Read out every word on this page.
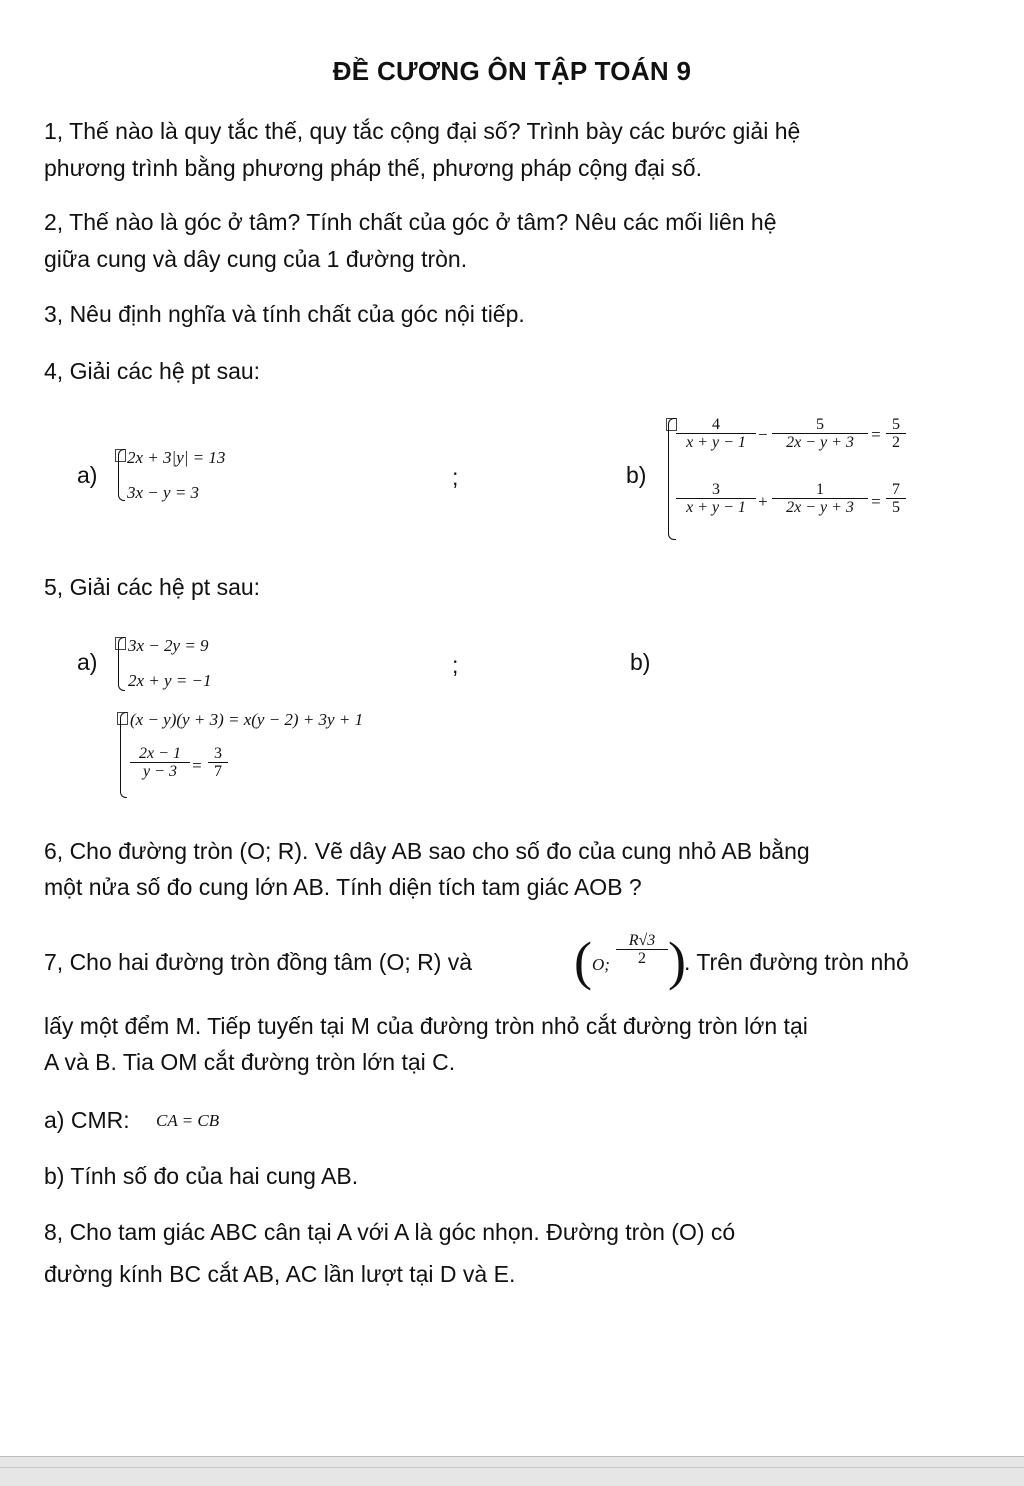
ĐỀ CƯƠNG ÔN TẬP TOÁN 9
1, Thế nào là quy tắc thế, quy tắc cộng đại số? Trình bày các bước giải hệ
phương trình bằng phương pháp thế, phương pháp cộng đại số.
2, Thế nào là góc ở tâm? Tính chất của góc ở tâm? Nêu các mối liên hệ
giữa cung và dây cung của 1 đường tròn.
3, Nêu định nghĩa và tính chất của góc nội tiếp.
4, Giải các hệ pt sau:
a)
2x + 3|y| = 13
3x − y = 3
;	b)
$\frac{4}{x + y - 1} - \frac{5}{2x - y + 3} = \frac{5}{2}$
$\frac{3}{x + y - 1} + \frac{1}{2x - y + 3} = \frac{7}{5}$
5, Giải các hệ pt sau:
a)
3x − 2y = 9
2x + y = −1
;	b)
(x − y)(y + 3) = x(y − 2) + 3y + 1
$\frac{2x - 1}{y - 3} = \frac{3}{7}$
6, Cho đường tròn (O; R). Vẽ dây AB sao cho số đo của cung nhỏ AB bằng
một nửa số đo cung lớn AB. Tính diện tích tam giác AOB ?
7, Cho hai đường tròn đồng tâm (O; R) và ( O; $\frac{R√3}{2}$
)
. Trên đường tròn nhỏ
lấy một đểm M. Tiếp tuyến tại M của đường tròn nhỏ cắt đường tròn lớn tại
A và B. Tia OM cắt đường tròn lớn tại C.
a) CMR: CA = CB
b) Tính số đo của hai cung AB.
8, Cho tam giác ABC cân tại A với A là góc nhọn. Đường tròn (O) có
đường kính BC cắt AB, AC lần lượt tại D và E.
